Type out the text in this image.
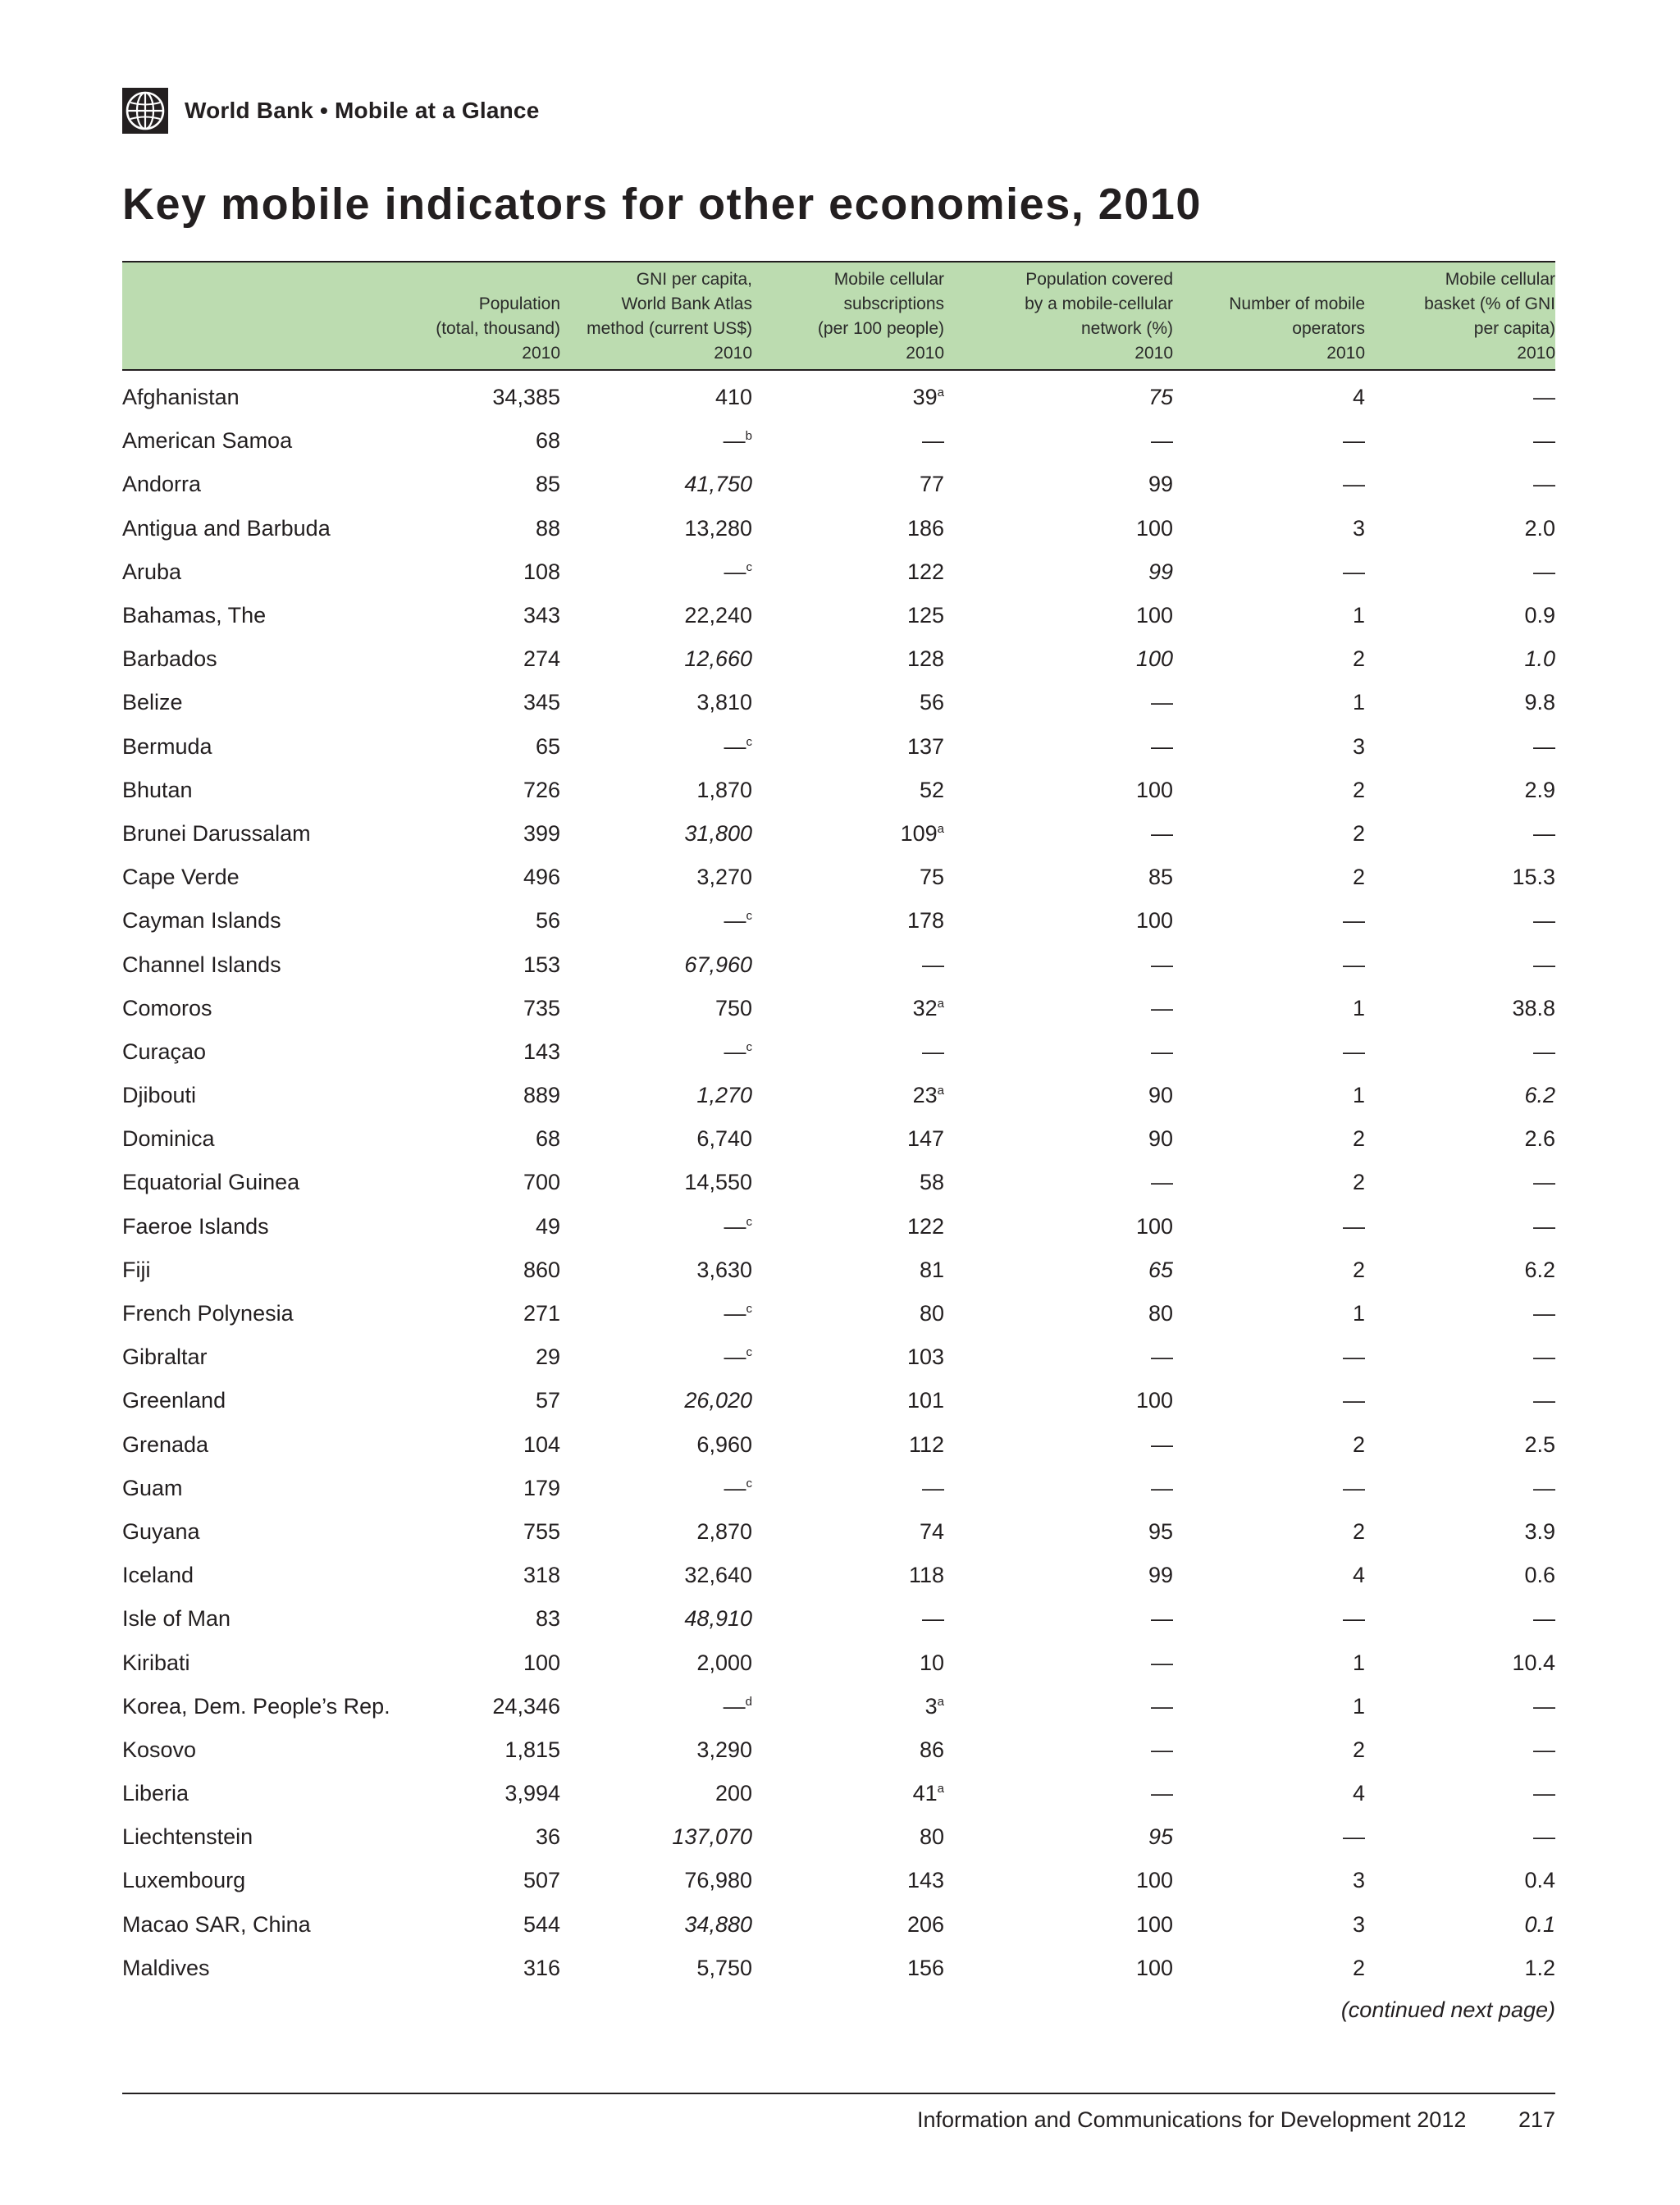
World Bank • Mobile at a Glance
Key mobile indicators for other economies, 2010

	Population
(total, thousand)
2010	GNI per capita,
World Bank Atlas
method (current US$)
2010	Mobile cellular
subscriptions
(per 100 people)
2010	Population covered
by a mobile-cellular
network (%)
2010	Number of mobile
operators
2010	Mobile cellular
basket (% of GNI
per capita)
2010

Afghanistan	34,385	410	39$^a$	75	4	—
American Samoa	68	—$^b$	—	—	—	—
Andorra	85	41,750	77	99	—	—
Antigua and Barbuda	88	13,280	186	100	3	2.0
Aruba	108	—$^c$	122	99	—	—
Bahamas, The	343	22,240	125	100	1	0.9
Barbados	274	12,660	128	100	2	1.0
Belize	345	3,810	56	—	1	9.8
Bermuda	65	—$^c$	137	—	3	—
Bhutan	726	1,870	52	100	2	2.9
Brunei Darussalam	399	31,800	109$^a$	—	2	—
Cape Verde	496	3,270	75	85	2	15.3
Cayman Islands	56	—$^c$	178	100	—	—
Channel Islands	153	67,960	—	—	—	—
Comoros	735	750	32$^a$	—	1	38.8
Curaçao	143	—$^c$	—	—	—	—
Djibouti	889	1,270	23$^a$	90	1	6.2
Dominica	68	6,740	147	90	2	2.6
Equatorial Guinea	700	14,550	58	—	2	—
Faeroe Islands	49	—$^c$	122	100	—	—
Fiji	860	3,630	81	65	2	6.2
French Polynesia	271	—$^c$	80	80	1	—
Gibraltar	29	—$^c$	103	—	—	—
Greenland	57	26,020	101	100	—	—
Grenada	104	6,960	112	—	2	2.5
Guam	179	—$^c$	—	—	—	—
Guyana	755	2,870	74	95	2	3.9
Iceland	318	32,640	118	99	4	0.6
Isle of Man	83	48,910	—	—	—	—
Kiribati	100	2,000	10	—	1	10.4
Korea, Dem. People’s Rep.	24,346	—$^d$	3$^a$	—	1	—
Kosovo	1,815	3,290	86	—	2	—
Liberia	3,994	200	41$^a$	—	4	—
Liechtenstein	36	137,070	80	95	—	—
Luxembourg	507	76,980	143	100	3	0.4
Macao SAR, China	544	34,880	206	100	3	0.1
Maldives	316	5,750	156	100	2	1.2
(continued next page)
Information and Communications for Development 2012 217
